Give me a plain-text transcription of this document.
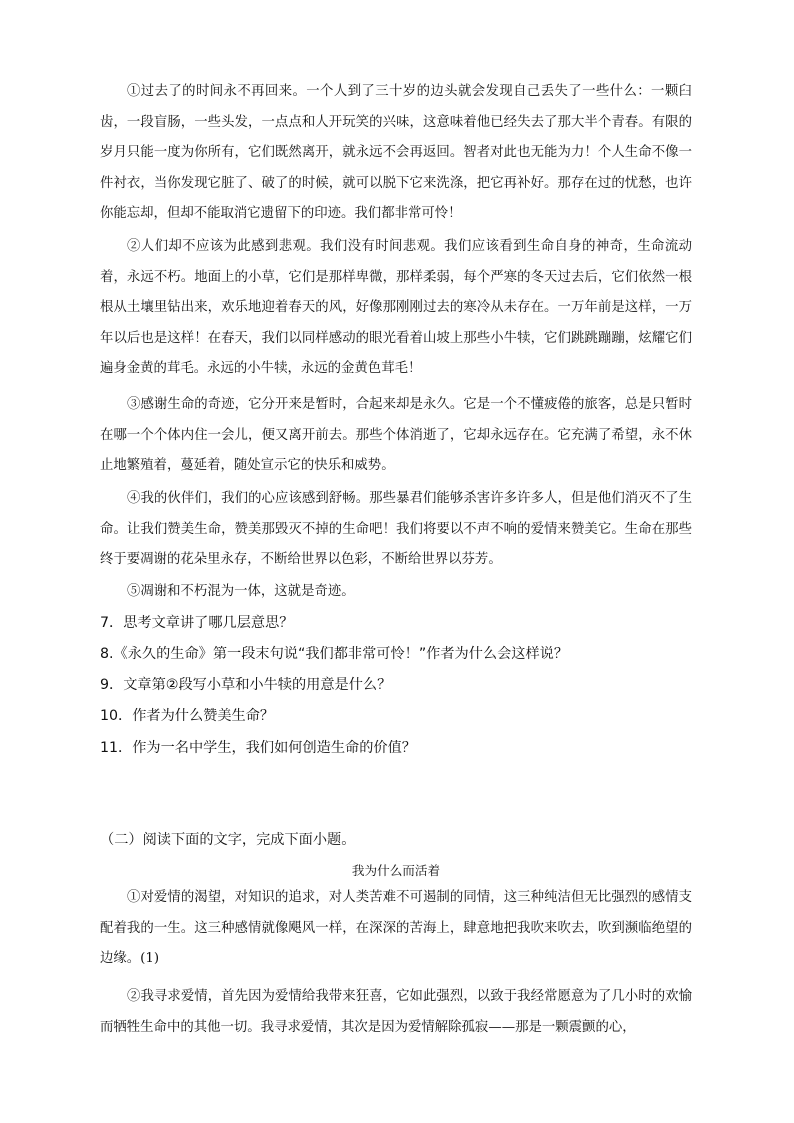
①过去了的时间永不再回来。一个人到了三十岁的边头就会发现自己丢失了一些什么：一颗臼齿，一段盲肠，一些头发，一点点和人开玩笑的兴味，这意味着他已经失去了那大半个青春。有限的岁月只能一度为你所有，它们既然离开，就永远不会再返回。智者对此也无能为力！个人生命不像一件衬衣，当你发现它脏了、破了的时候，就可以脱下它来洗涤，把它再补好。那存在过的忧愁，也许你能忘却，但却不能取消它遗留下的印迹。我们都非常可怜！

②人们却不应该为此感到悲观。我们没有时间悲观。我们应该看到生命自身的神奇，生命流动着，永远不朽。地面上的小草，它们是那样卑微，那样柔弱，每个严寒的冬天过去后，它们依然一根根从土壤里钻出来，欢乐地迎着春天的风，好像那刚刚过去的寒冷从未存在。一万年前是这样，一万年以后也是这样！在春天，我们以同样感动的眼光看着山坡上那些小牛犊，它们跳跳蹦蹦，炫耀它们遍身金黄的茸毛。永远的小牛犊，永远的金黄色茸毛！

③感谢生命的奇迹，它分开来是暂时，合起来却是永久。它是一个不懂疲倦的旅客，总是只暂时在哪一个个体内住一会儿，便又离开前去。那些个体消逝了，它却永远存在。它充满了希望，永不休止地繁殖着，蔓延着，随处宣示它的快乐和威势。

④我的伙伴们，我们的心应该感到舒畅。那些暴君们能够杀害许多许多人，但是他们消灭不了生命。让我们赞美生命，赞美那毁灭不掉的生命吧！我们将要以不声不响的爱情来赞美它。生命在那些终于要凋谢的花朵里永存，不断给世界以色彩，不断给世界以芬芳。

⑤凋谢和不朽混为一体，这就是奇迹。

7．思考文章讲了哪几层意思？
8.《永久的生命》第一段末句说“我们都非常可怜！”作者为什么会这样说？
9．文章第②段写小草和小牛犊的用意是什么？
10．作者为什么赞美生命？
11．作为一名中学生，我们如何创造生命的价值？
（二）阅读下面的文字，完成下面小题。
我为什么而活着

①对爱情的渴望，对知识的追求，对人类苦难不可遏制的同情，这三种纯洁但无比强烈的感情支配着我的一生。这三种感情就像飓风一样，在深深的苦海上，肆意地把我吹来吹去，吹到濒临绝望的边缘。(1)

②我寻求爱情，首先因为爱情给我带来狂喜，它如此强烈，以致于我经常愿意为了几小时的欢愉而牺牲生命中的其他一切。我寻求爱情，其次是因为爱情解除孤寂——那是一颗震颤的心，
